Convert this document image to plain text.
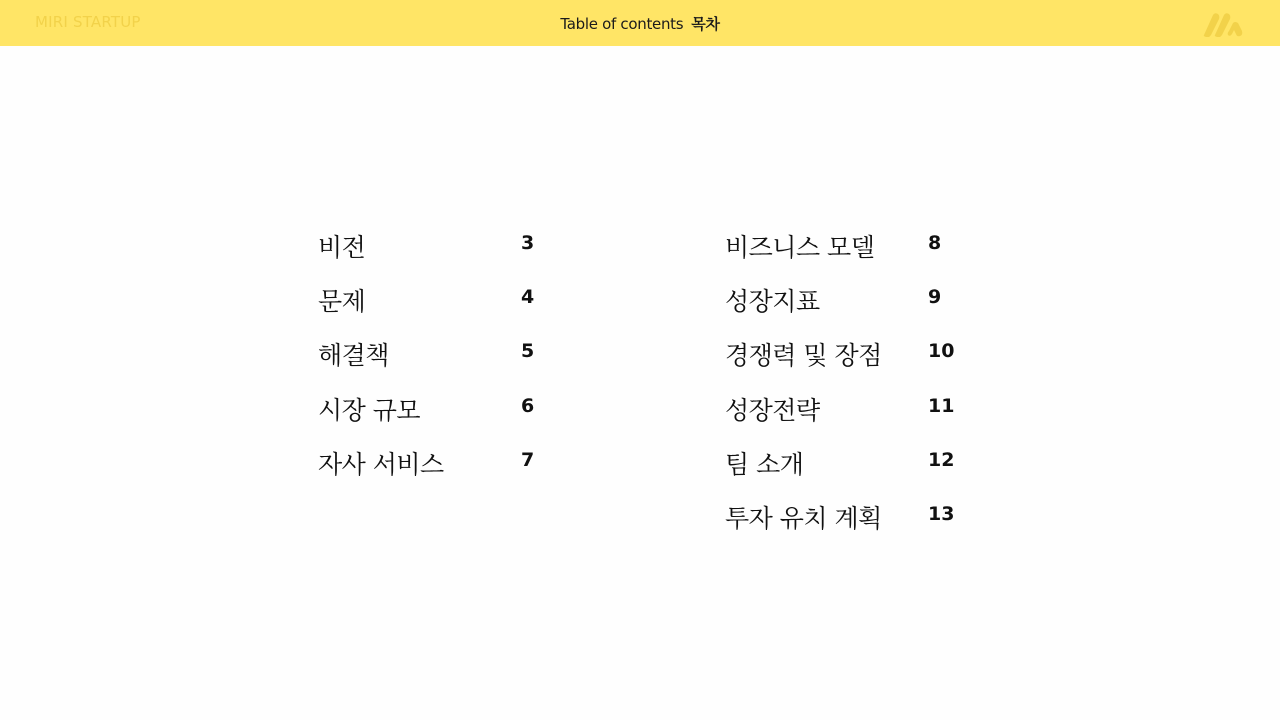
MIRI STARTUP	Table of contents 목차
비전	3
문제	4
해결책	5
시장 규모	6
자사 서비스	7
비즈니스 모델	8
성장지표	9
경쟁력 및 장점 10
성장전략	11
팀 소개	12
투자 유치 계획 13
